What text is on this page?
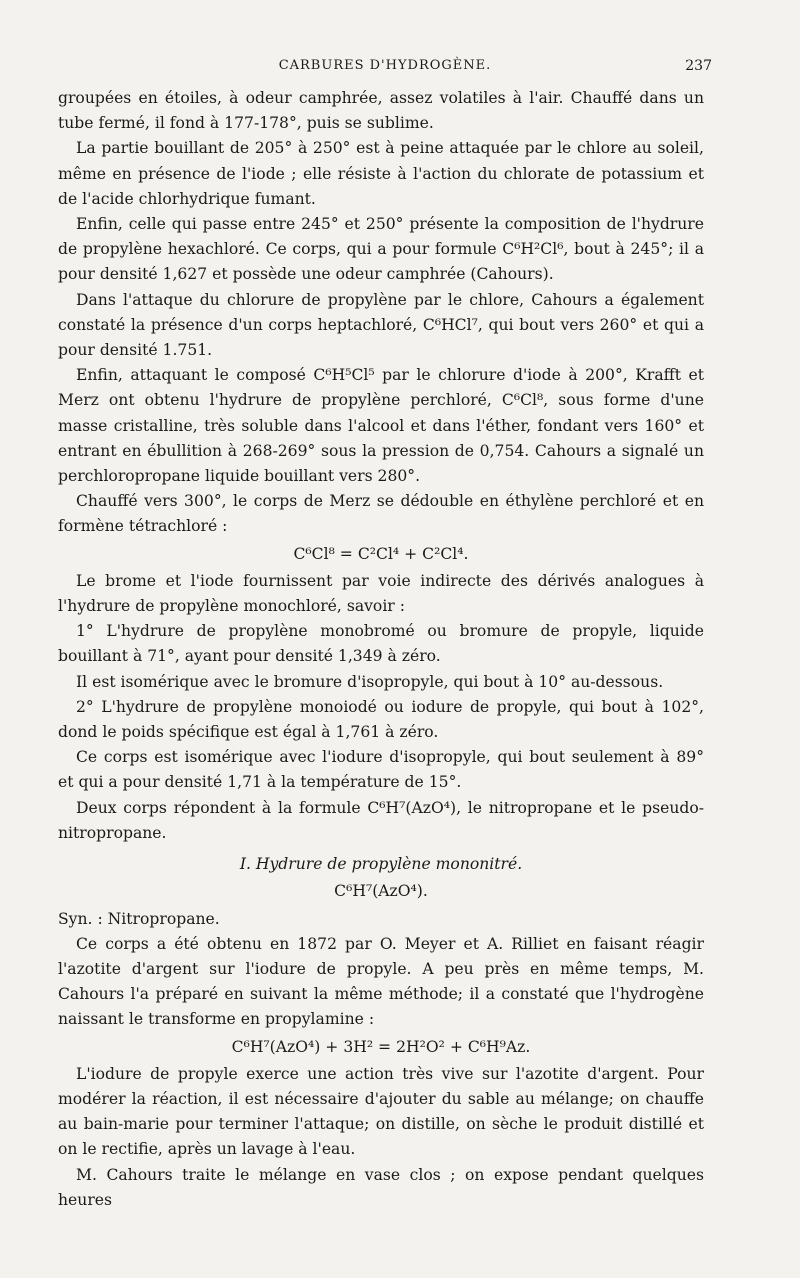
CARBURES D'HYDROGÈNE.	237

groupées en étoiles, à odeur camphrée, assez volatiles à l'air. Chauffé dans un tube fermé, il fond à 177-178°, puis se sublime.

La partie bouillant de 205° à 250° est à peine attaquée par le chlore au soleil, même en présence de l'iode ; elle résiste à l'action du chlorate de potassium et de l'acide chlorhydrique fumant.

Enfin, celle qui passe entre 245° et 250° présente la composition de l'hydrure de propylène hexachloré. Ce corps, qui a pour formule C⁶H²Cl⁶, bout à 245°; il a pour densité 1,627 et possède une odeur camphrée (Cahours).

Dans l'attaque du chlorure de propylène par le chlore, Cahours a également constaté la présence d'un corps heptachloré, C⁶HCl⁷, qui bout vers 260° et qui a pour densité 1.751.

Enfin, attaquant le composé C⁶H⁵Cl⁵ par le chlorure d'iode à 200°, Krafft et Merz ont obtenu l'hydrure de propylène perchloré, C⁶Cl⁸, sous forme d'une masse cristalline, très soluble dans l'alcool et dans l'éther, fondant vers 160° et entrant en ébullition à 268-269° sous la pression de 0,754. Cahours a signalé un perchloropropane liquide bouillant vers 280°.

Chauffé vers 300°, le corps de Merz se dédouble en éthylène perchloré et en formène tétrachloré :

C⁶Cl⁸ = C²Cl⁴ + C²Cl⁴.

Le brome et l'iode fournissent par voie indirecte des dérivés analogues à l'hydrure de propylène monochloré, savoir :

1° L'hydrure de propylène monobromé ou bromure de propyle, liquide bouillant à 71°, ayant pour densité 1,349 à zéro.

Il est isomérique avec le bromure d'isopropyle, qui bout à 10° au-dessous.

2° L'hydrure de propylène monoiodé ou iodure de propyle, qui bout à 102°, dond le poids spécifique est égal à 1,761 à zéro.

Ce corps est isomérique avec l'iodure d'isopropyle, qui bout seulement à 89° et qui a pour densité 1,71 à la température de 15°.

Deux corps répondent à la formule C⁶H⁷(AzO⁴), le nitropropane et le pseudo-nitropropane.

I. Hydrure de propylène mononitré.

C⁶H⁷(AzO⁴).

Syn. : Nitropropane.

Ce corps a été obtenu en 1872 par O. Meyer et A. Rilliet en faisant réagir l'azotite d'argent sur l'iodure de propyle. A peu près en même temps, M. Cahours l'a préparé en suivant la même méthode; il a constaté que l'hydrogène naissant le transforme en propylamine :

C⁶H⁷(AzO⁴) + 3H² = 2H²O² + C⁶H⁹Az.

L'iodure de propyle exerce une action très vive sur l'azotite d'argent. Pour modérer la réaction, il est nécessaire d'ajouter du sable au mélange; on chauffe au bain-marie pour terminer l'attaque; on distille, on sèche le produit distillé et on le rectifie, après un lavage à l'eau.

M. Cahours traite le mélange en vase clos ; on expose pendant quelques heures
